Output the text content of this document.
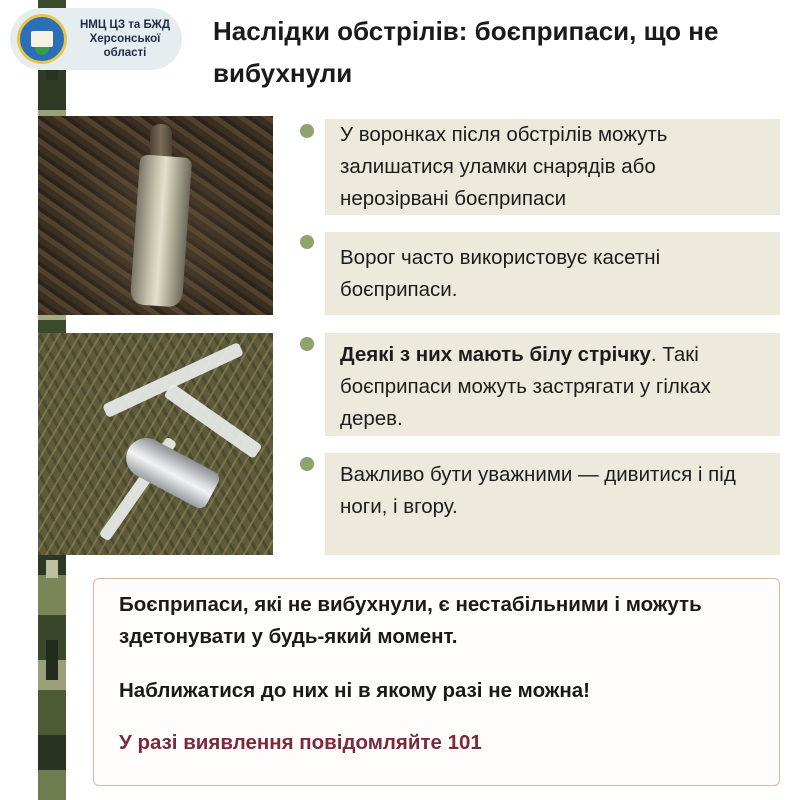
НМЦ ЦЗ та БЖД
Херсонської
області
Наслідки обстрілів: боєприпаси, що не вибухнули

У воронках після обстрілів можуть залишатися уламки снарядів або нерозірвані боєприпаси

Ворог часто використовує касетні боєприпаси.

Деякі з них мають білу стрічку. Такі боєприпаси можуть застрягати у гілках дерев.

Важливо бути уважними — дивитися і під ноги, і вгору.

Боєприпаси, які не вибухнули, є нестабільними і можуть здетонувати у будь-який момент.

Наближатися до них ні в якому разі не можна!

У разі виявлення повідомляйте 101
